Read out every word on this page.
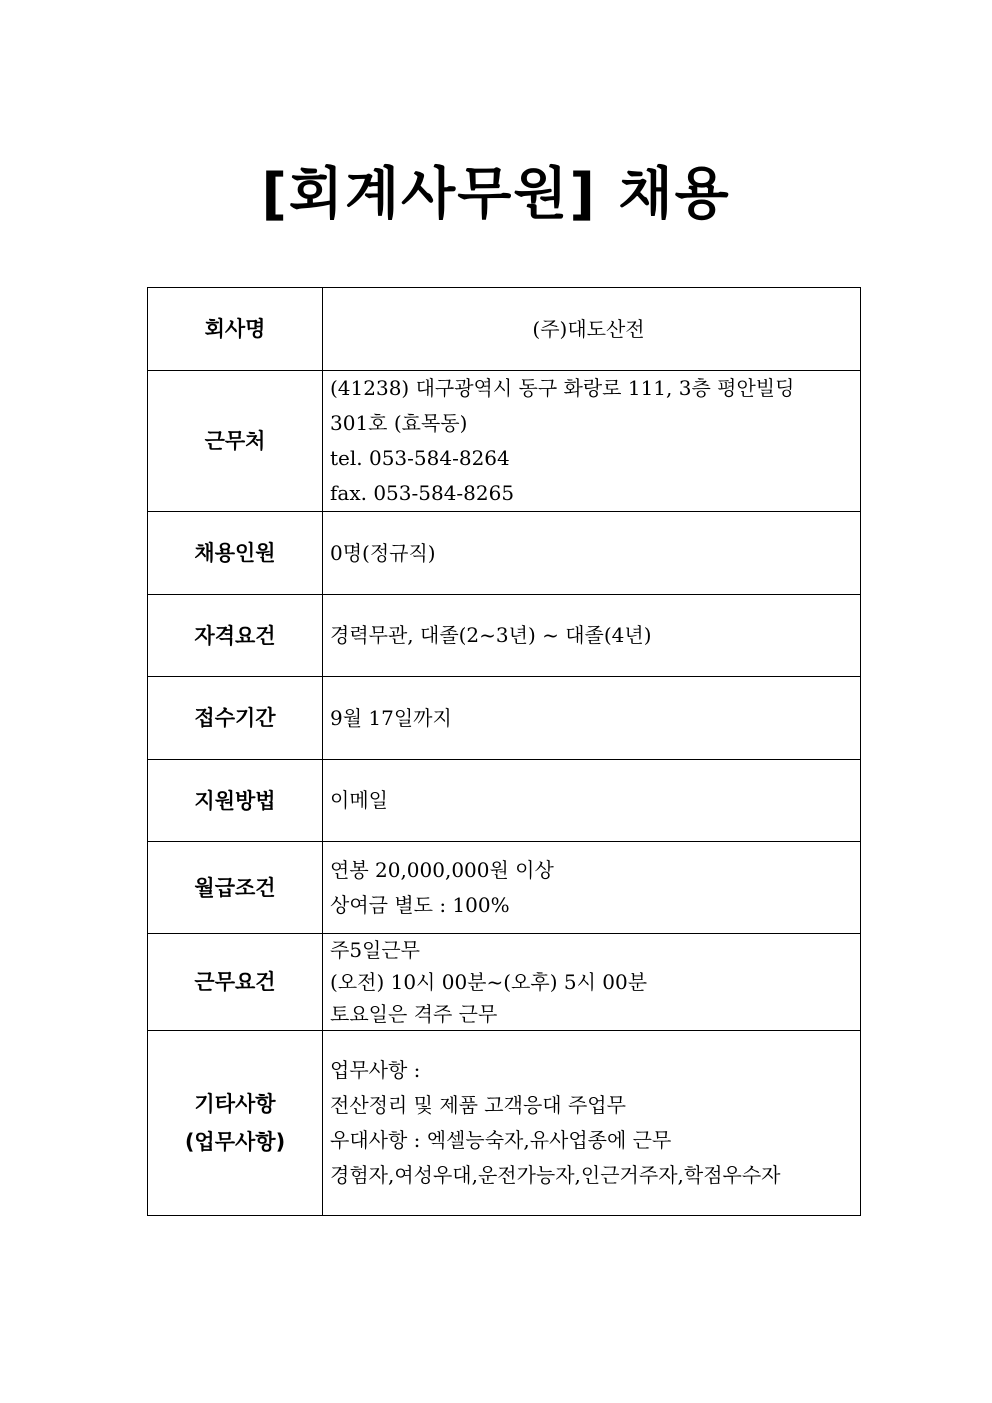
[회계사무원] 채용
회사명	(주)대도산전

근무처	(41238) 대구광역시 동구 화랑로 111, 3층 평안빌딩
301호 (효목동)
tel. 053-584-8264
fax. 053-584-8265

채용인원	0명(정규직)

자격요건	경력무관, 대졸(2~3년) ~ 대졸(4년)

접수기간	9월 17일까지

지원방법	이메일

월급조건	연봉 20,000,000원 이상
상여금 별도 : 100%

근무요건	주5일근무
(오전) 10시 00분~(오후) 5시 00분
토요일은 격주 근무

기타사항
(업무사항)	업무사항 :
전산정리 및 제품 고객응대 주업무
우대사항 : 엑셀능숙자,유사업종에 근무
경험자,여성우대,운전가능자,인근거주자,학점우수자
